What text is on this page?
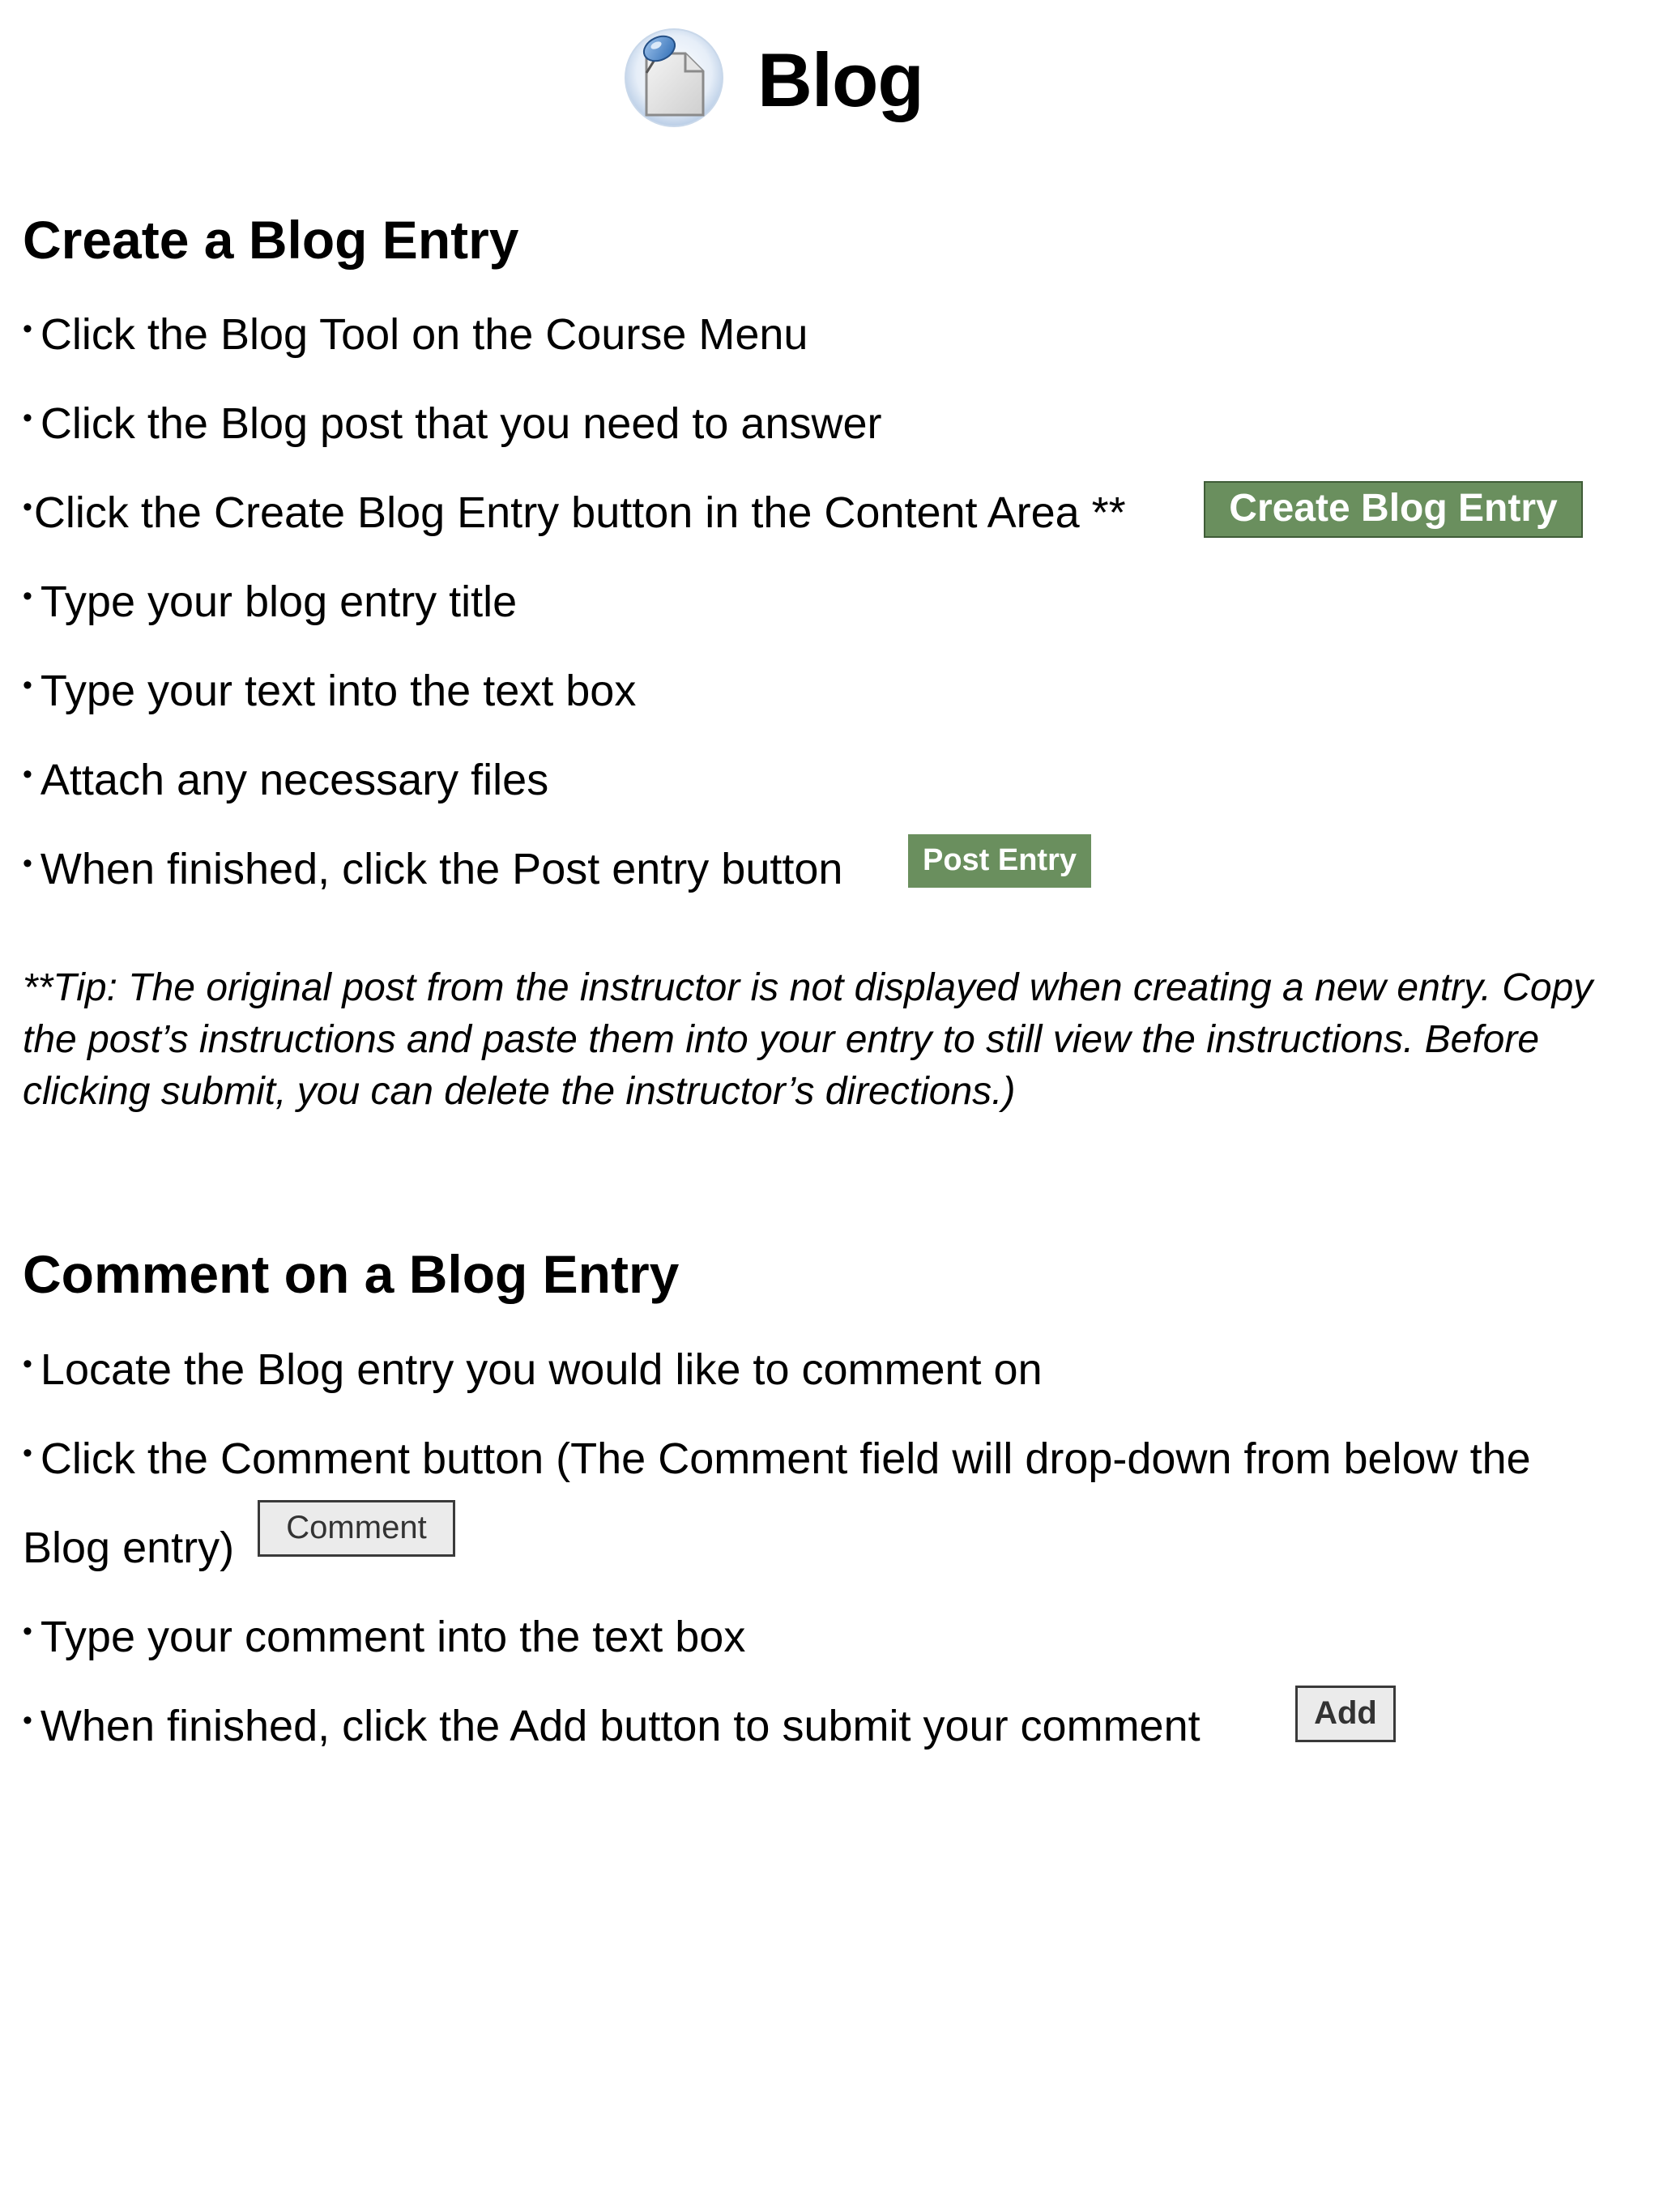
Blog
Create a Blog Entry
• Click the Blog Tool on the Course Menu
• Click the Blog post that you need to answer
•Click the Create Blog Entry button in the Content Area **	Create Blog Entry
• Type your blog entry title
• Type your text into the text box
• Attach any necessary files
• When finished, click the Post entry button	Post Entry
**Tip: The original post from the instructor is not displayed when creating a new entry. Copy
the post’s instructions and paste them into your entry to still view the instructions. Before
clicking submit, you can delete the instructor’s directions.)
Comment on a Blog Entry
• Locate the Blog entry you would like to comment on
• Click the Comment button (The Comment field will drop-down from below the
Blog entry)	Comment
• Type your comment into the text box
• When finished, click the Add button to submit your comment	Add
